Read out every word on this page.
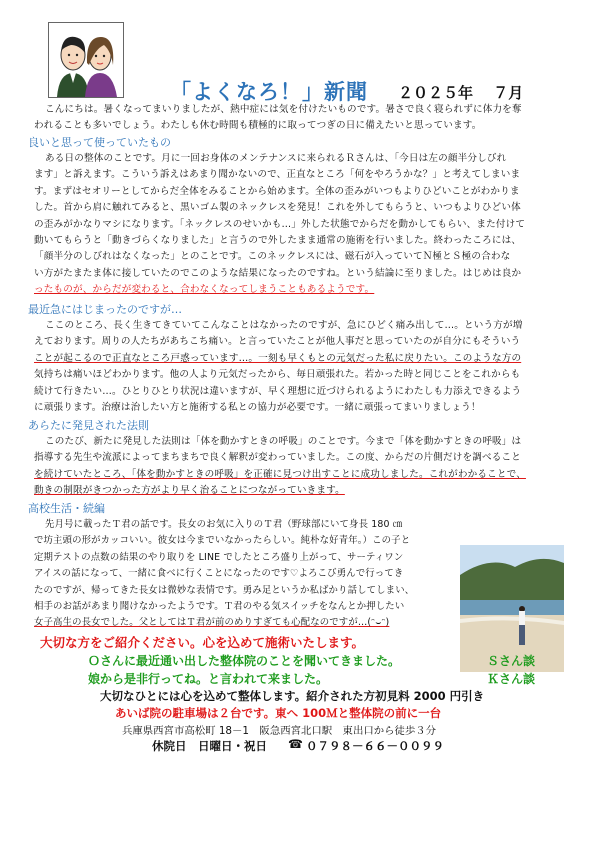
「よくなろ！」新聞 ２０２５年　 ７月
こんにちは。暑くなってまいりましたが、熱中症には気を付けたいものです。暑さで良く寝られずに体力を奪
われることも多いでしょう。わたしも休む時間も積極的に取ってつぎの日に備えたいと思っています。
良いと思って使っていたもの
ある日の整体のことです。月に一回お身体のメンテナンスに来られるＲさんは、「今日は左の顔半分しびれ
ます」と訴えます。こういう訴えはあまり聞かないので、正直なところ「何をやろうかな？」と考えてしまいま
す。まずはセオリーとしてからだ全体をみることから始めます。全体の歪みがいつもよりひどいことがわかりま
した。首から肩に触れてみると、黒いゴム製のネックレスを発見！これを外してもらうと、いつもよりひどい体
の歪みがかなりマシになります。「ネックレスのせいかも…」外した状態でからだを動かしてもらい、また付けて
動いてもらうと「動きづらくなりました」と言うので外したまま通常の施術を行いました。終わったころには、
「顔半分のしびれはなくなった」とのことです。このネックレスには、磁石が入っていてＮ極とＳ極の合わな
い方がたまたま体に接していたのでこのような結果になったのですね。という結論に至りました。はじめは良か
ったものが、からだが変わると、合わなくなってしまうこともあるようです。
最近急にはじまったのですが…
ここのところ、長く生きてきていてこんなことはなかったのですが、急にひどく痛み出して…。という方が増
えております。周りの人たちがあちこち痛い。と言っていたことが他人事だと思っていたのが自分にもそういう
ことが起こるので正直なところ戸惑っています…。一刻も早くもとの元気だった私に戻りたい。このような方の
気持ちは痛いほどわかります。他の人より元気だったから、毎日頑張れた。若かった時と同じことをこれからも
続けて行きたい…。ひとりひとり状況は違いますが、早く理想に近づけられるようにわたしも力添えできるよう
に頑張ります。治療は治したい方と施術する私との協力が必要です。一緒に頑張ってまいりましょう！
あらたに発見された法則
このたび、新たに発見した法則は「体を動かすときの呼吸」のことです。今まで「体を動かすときの呼吸」は
指導する先生や流派によってまちまちで良く解釈が変わっていました。この度、からだの片側だけを調べること
を続けていたところ、「体を動かすときの呼吸」を正確に見つけ出すことに成功しました。これがわかることで、
動きの制限がきつかった方がより早く治ることにつながっていきます。
高校生活・続編
先月号に載ったＴ君の話です。長女のお気に入りのＴ君（野球部にいて身長 180 ㎝
で坊主頭の形がカッコいい。彼女は今までいなかったらしい。純朴な好青年。）この子と
定期テストの点数の結果のやり取りを LINE でしたところ盛り上がって、サーティワン
アイスの話になって、一緒に食べに行くことになったのです♡よろこび勇んで行ってき
たのですが、帰ってきた長女は微妙な表情です。勇み足というか私ばかり話してしまい、
相手のお話があまり聞けなかったようです。Ｔ君のやる気スイッチをなんとか押したい
女子高生の長女でした。父としてはＴ君が前のめりすぎても心配なのですが…(ᵔ⌣ᵔ)
大切な方をご紹介ください。心を込めて施術いたします。
Ｏさんに最近通い出した整体院のことを聞いてきました。	Ｓさん談
娘から是非行ってね。と言われて来ました。	Ｋさん談
大切なひとには心を込めて整体します。紹介された方初見料 2000 円引き
あいば院の駐車場は２台です。東へ 100Ｍと整体院の前に一台
兵庫県西宮市高松町 18－1　阪急西宮北口駅　東出口から徒歩３分
休院日　日曜日・祝日 ☎ ０７９８－６６－００９９
